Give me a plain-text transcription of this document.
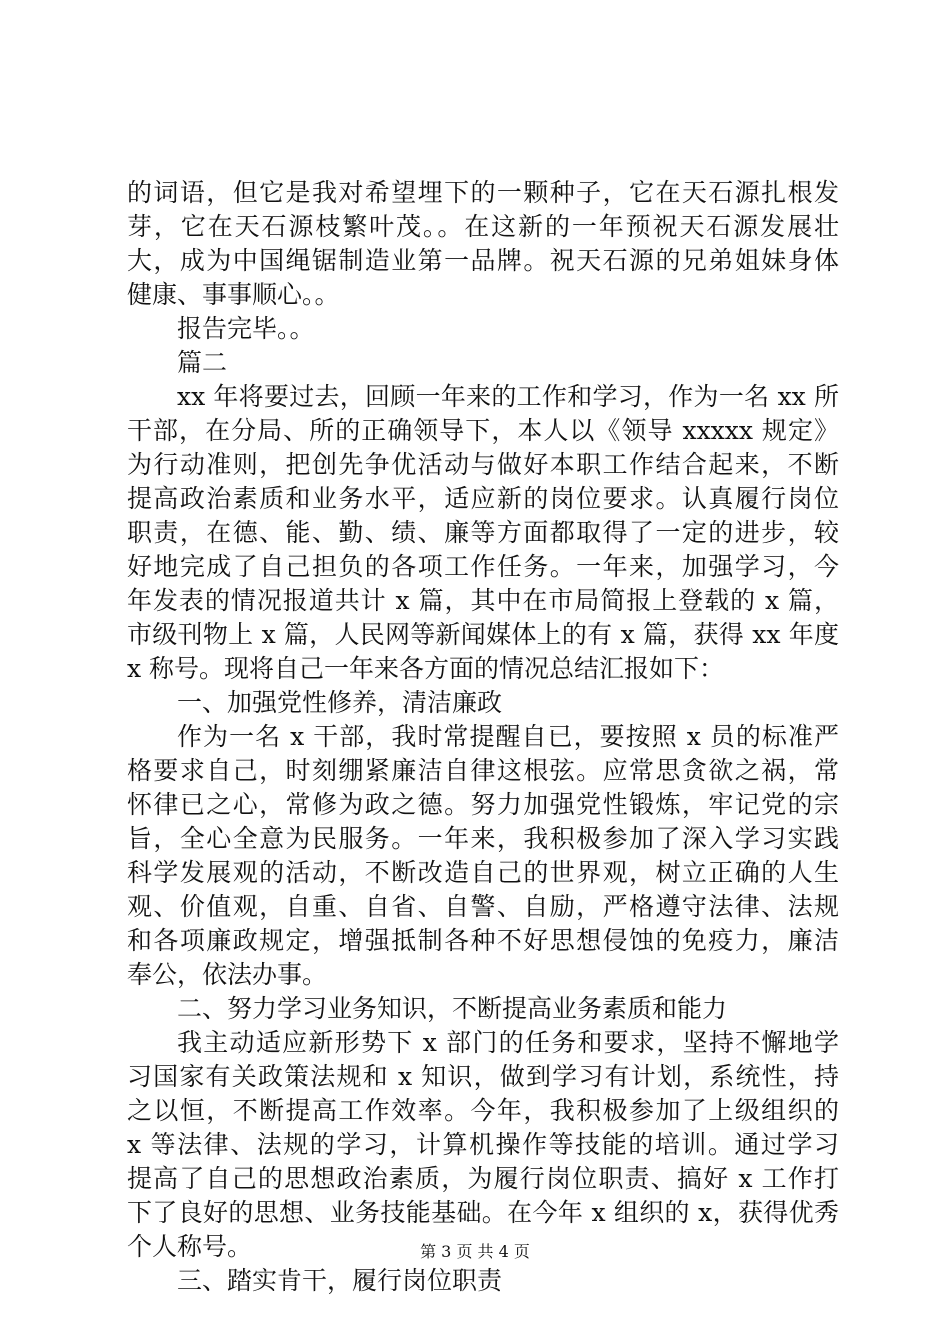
的词语，但它是我对希望埋下的一颗种子，它在天石源扎根发
芽，它在天石源枝繁叶茂。。在这新的一年预祝天石源发展壮
大，成为中国绳锯制造业第一品牌。祝天石源的兄弟姐妹身体
健康、事事顺心。。
报告完毕。。
篇二
xx 年将要过去，回顾一年来的工作和学习，作为一名 xx 所
干部，在分局、所的正确领导下，本人以《领导 xxxxx 规定》
为行动准则，把创先争优活动与做好本职工作结合起来，不断
提高政治素质和业务水平，适应新的岗位要求。认真履行岗位
职责，在德、能、勤、绩、廉等方面都取得了一定的进步，较
好地完成了自己担负的各项工作任务。一年来，加强学习，今
年发表的情况报道共计 x 篇，其中在市局简报上登载的 x 篇，
市级刊物上 x 篇，人民网等新闻媒体上的有 x 篇，获得 xx 年度
x 称号。现将自己一年来各方面的情况总结汇报如下：
一、加强党性修养，清洁廉政
作为一名 x 干部，我时常提醒自已，要按照 x 员的标准严
格要求自己，时刻绷紧廉洁自律这根弦。应常思贪欲之祸，常
怀律已之心，常修为政之德。努力加强党性锻炼，牢记党的宗
旨，全心全意为民服务。一年来，我积极参加了深入学习实践
科学发展观的活动，不断改造自己的世界观，树立正确的人生
观、价值观，自重、自省、自警、自励，严格遵守法律、法规
和各项廉政规定，增强抵制各种不好思想侵蚀的免疫力，廉洁
奉公，依法办事。
二、努力学习业务知识，不断提高业务素质和能力
我主动适应新形势下 x 部门的任务和要求，坚持不懈地学
习国家有关政策法规和 x 知识，做到学习有计划，系统性，持
之以恒，不断提高工作效率。今年，我积极参加了上级组织的
x 等法律、法规的学习，计算机操作等技能的培训。通过学习
提高了自己的思想政治素质，为履行岗位职责、搞好 x 工作打
下了良好的思想、业务技能基础。在今年 x 组织的 x，获得优秀
个人称号。
三、踏实肯干，履行岗位职责
第 3 页 共 4 页
